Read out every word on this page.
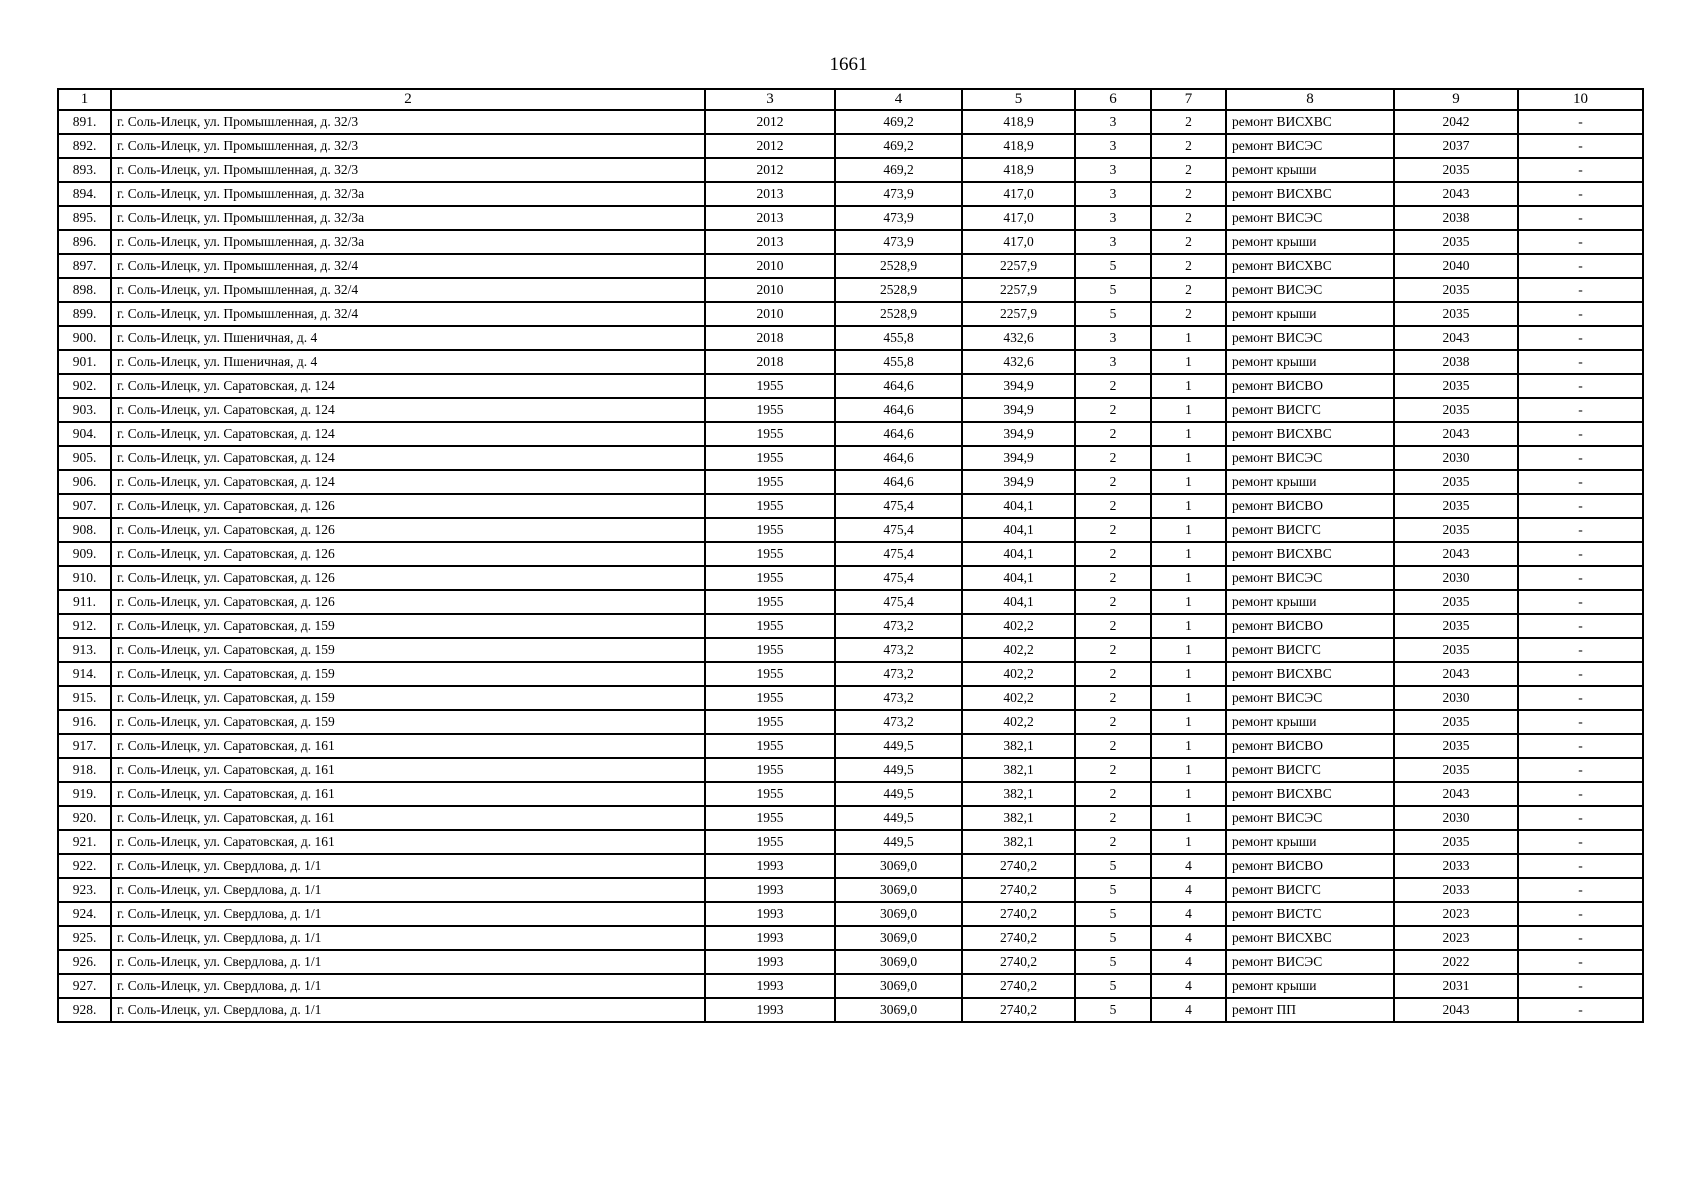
1661
1	2	3	4	5	6	7	8	9	10
891.	г. Соль-Илецк, ул. Промышленная, д. 32/3	2012	469,2	418,9	3	2	ремонт ВИСХВС	2042	-
892.	г. Соль-Илецк, ул. Промышленная, д. 32/3	2012	469,2	418,9	3	2	ремонт ВИСЭС	2037	-
893.	г. Соль-Илецк, ул. Промышленная, д. 32/3	2012	469,2	418,9	3	2	ремонт крыши	2035	-
894.	г. Соль-Илецк, ул. Промышленная, д. 32/3а	2013	473,9	417,0	3	2	ремонт ВИСХВС	2043	-
895.	г. Соль-Илецк, ул. Промышленная, д. 32/3а	2013	473,9	417,0	3	2	ремонт ВИСЭС	2038	-
896.	г. Соль-Илецк, ул. Промышленная, д. 32/3а	2013	473,9	417,0	3	2	ремонт крыши	2035	-
897.	г. Соль-Илецк, ул. Промышленная, д. 32/4	2010	2528,9	2257,9	5	2	ремонт ВИСХВС	2040	-
898.	г. Соль-Илецк, ул. Промышленная, д. 32/4	2010	2528,9	2257,9	5	2	ремонт ВИСЭС	2035	-
899.	г. Соль-Илецк, ул. Промышленная, д. 32/4	2010	2528,9	2257,9	5	2	ремонт крыши	2035	-
900.	г. Соль-Илецк, ул. Пшеничная, д. 4	2018	455,8	432,6	3	1	ремонт ВИСЭС	2043	-
901.	г. Соль-Илецк, ул. Пшеничная, д. 4	2018	455,8	432,6	3	1	ремонт крыши	2038	-
902.	г. Соль-Илецк, ул. Саратовская, д. 124	1955	464,6	394,9	2	1	ремонт ВИСВО	2035	-
903.	г. Соль-Илецк, ул. Саратовская, д. 124	1955	464,6	394,9	2	1	ремонт ВИСГС	2035	-
904.	г. Соль-Илецк, ул. Саратовская, д. 124	1955	464,6	394,9	2	1	ремонт ВИСХВС	2043	-
905.	г. Соль-Илецк, ул. Саратовская, д. 124	1955	464,6	394,9	2	1	ремонт ВИСЭС	2030	-
906.	г. Соль-Илецк, ул. Саратовская, д. 124	1955	464,6	394,9	2	1	ремонт крыши	2035	-
907.	г. Соль-Илецк, ул. Саратовская, д. 126	1955	475,4	404,1	2	1	ремонт ВИСВО	2035	-
908.	г. Соль-Илецк, ул. Саратовская, д. 126	1955	475,4	404,1	2	1	ремонт ВИСГС	2035	-
909.	г. Соль-Илецк, ул. Саратовская, д. 126	1955	475,4	404,1	2	1	ремонт ВИСХВС	2043	-
910.	г. Соль-Илецк, ул. Саратовская, д. 126	1955	475,4	404,1	2	1	ремонт ВИСЭС	2030	-
911.	г. Соль-Илецк, ул. Саратовская, д. 126	1955	475,4	404,1	2	1	ремонт крыши	2035	-
912.	г. Соль-Илецк, ул. Саратовская, д. 159	1955	473,2	402,2	2	1	ремонт ВИСВО	2035	-
913.	г. Соль-Илецк, ул. Саратовская, д. 159	1955	473,2	402,2	2	1	ремонт ВИСГС	2035	-
914.	г. Соль-Илецк, ул. Саратовская, д. 159	1955	473,2	402,2	2	1	ремонт ВИСХВС	2043	-
915.	г. Соль-Илецк, ул. Саратовская, д. 159	1955	473,2	402,2	2	1	ремонт ВИСЭС	2030	-
916.	г. Соль-Илецк, ул. Саратовская, д. 159	1955	473,2	402,2	2	1	ремонт крыши	2035	-
917.	г. Соль-Илецк, ул. Саратовская, д. 161	1955	449,5	382,1	2	1	ремонт ВИСВО	2035	-
918.	г. Соль-Илецк, ул. Саратовская, д. 161	1955	449,5	382,1	2	1	ремонт ВИСГС	2035	-
919.	г. Соль-Илецк, ул. Саратовская, д. 161	1955	449,5	382,1	2	1	ремонт ВИСХВС	2043	-
920.	г. Соль-Илецк, ул. Саратовская, д. 161	1955	449,5	382,1	2	1	ремонт ВИСЭС	2030	-
921.	г. Соль-Илецк, ул. Саратовская, д. 161	1955	449,5	382,1	2	1	ремонт крыши	2035	-
922.	г. Соль-Илецк, ул. Свердлова, д. 1/1	1993	3069,0	2740,2	5	4	ремонт ВИСВО	2033	-
923.	г. Соль-Илецк, ул. Свердлова, д. 1/1	1993	3069,0	2740,2	5	4	ремонт ВИСГС	2033	-
924.	г. Соль-Илецк, ул. Свердлова, д. 1/1	1993	3069,0	2740,2	5	4	ремонт ВИСТС	2023	-
925.	г. Соль-Илецк, ул. Свердлова, д. 1/1	1993	3069,0	2740,2	5	4	ремонт ВИСХВС	2023	-
926.	г. Соль-Илецк, ул. Свердлова, д. 1/1	1993	3069,0	2740,2	5	4	ремонт ВИСЭС	2022	-
927.	г. Соль-Илецк, ул. Свердлова, д. 1/1	1993	3069,0	2740,2	5	4	ремонт крыши	2031	-
928.	г. Соль-Илецк, ул. Свердлова, д. 1/1	1993	3069,0	2740,2	5	4	ремонт ПП	2043	-
